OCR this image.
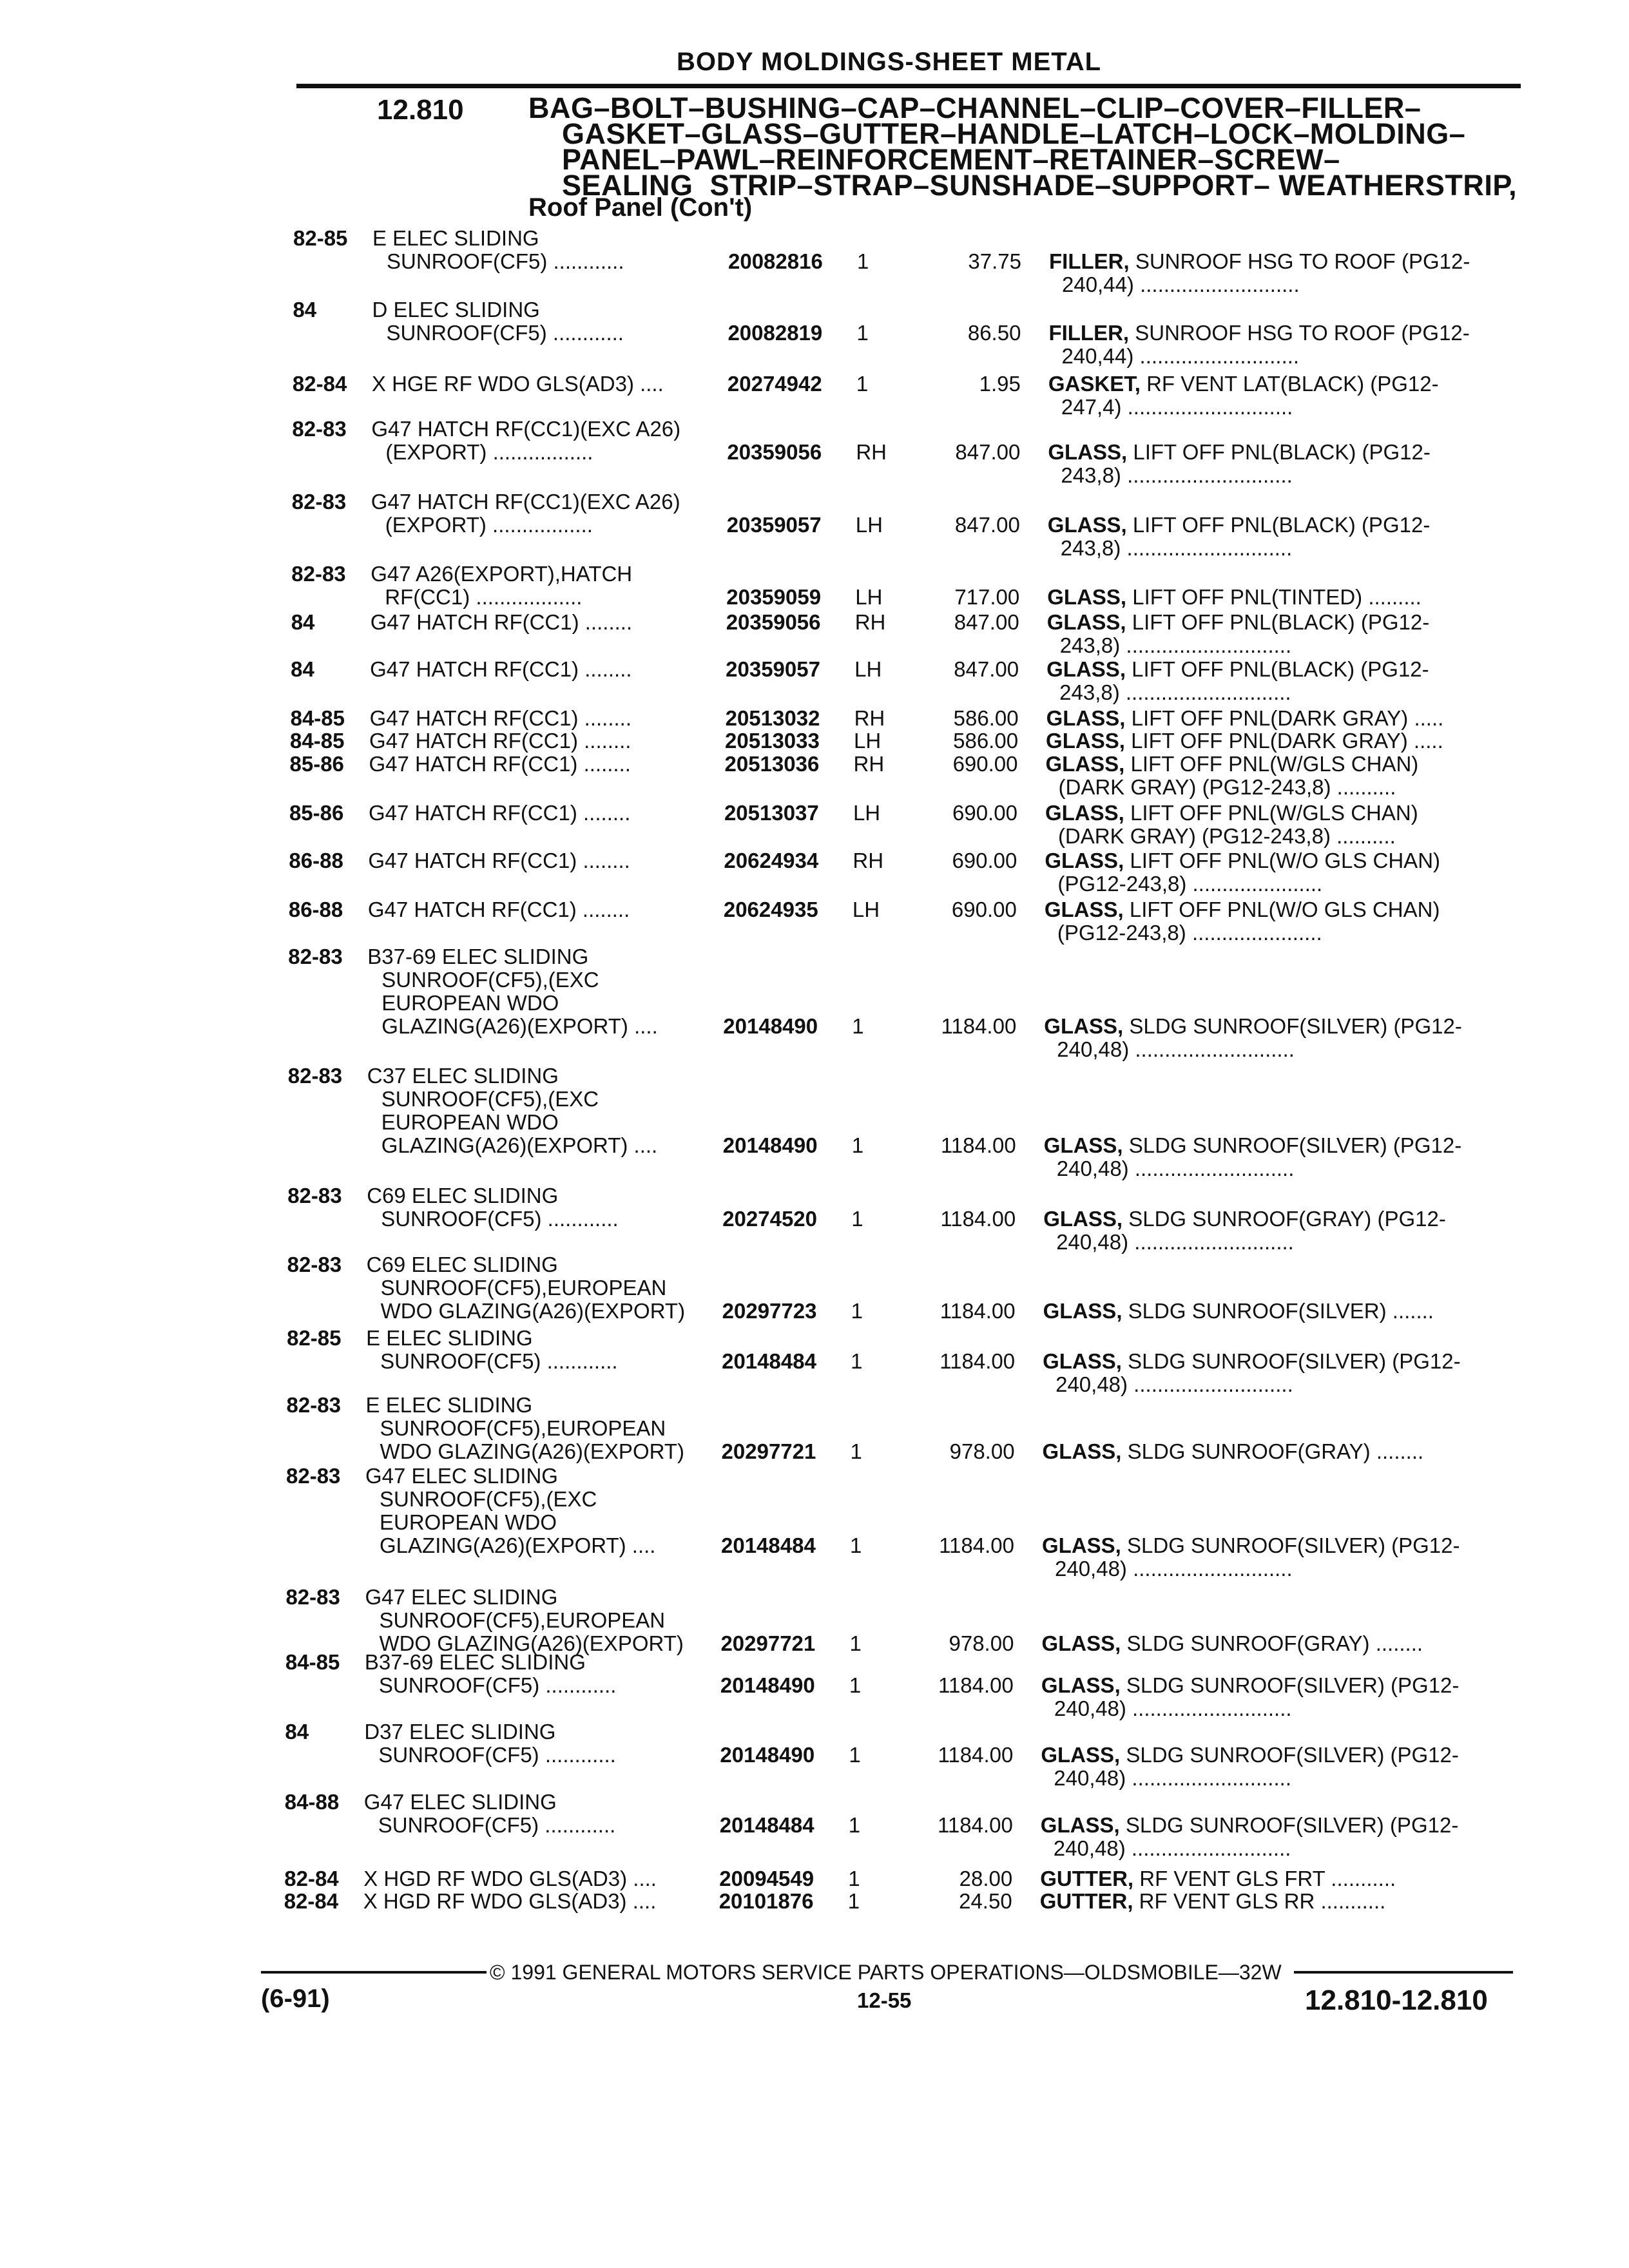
BODY MOLDINGS-SHEET METAL
12.810 BAG–BOLT–BUSHING–CAP–CHANNEL–CLIP–COVER–FILLER–
GASKET–GLASS–GUTTER–HANDLE–LATCH–LOCK–MOLDING–
PANEL–PAWL–REINFORCEMENT–RETAINER–SCREW–
SEALING  STRIP–STRAP–SUNSHADE–SUPPORT– WEATHERSTRIP,
Roof Panel (Con't)
82-85 E ELEC SLIDING
SUNROOF(CF5) ............	20082816 1	37.75 FILLER, SUNROOF HSG TO ROOF (PG12-
240,44) ...........................
84	D ELEC SLIDING
SUNROOF(CF5) ............	20082819 1	86.50 FILLER, SUNROOF HSG TO ROOF (PG12-
240,44) ...........................
82-84 X HGE RF WDO GLS(AD3) ....	20274942 1	1.95 GASKET, RF VENT LAT(BLACK) (PG12-
247,4) ............................
82-83 G47 HATCH RF(CC1)(EXC A26)
(EXPORT) .................	20359056 RH	847.00 GLASS, LIFT OFF PNL(BLACK) (PG12-
243,8) ............................
82-83 G47 HATCH RF(CC1)(EXC A26)
(EXPORT) .................	20359057 LH	847.00 GLASS, LIFT OFF PNL(BLACK) (PG12-
243,8) ............................
82-83 G47 A26(EXPORT),HATCH
RF(CC1) ..................	20359059 LH	717.00 GLASS, LIFT OFF PNL(TINTED) .........
84	G47 HATCH RF(CC1) ........	20359056 RH	847.00 GLASS, LIFT OFF PNL(BLACK) (PG12-
243,8) ............................
84	G47 HATCH RF(CC1) ........	20359057 LH	847.00 GLASS, LIFT OFF PNL(BLACK) (PG12-
243,8) ............................
84-85 G47 HATCH RF(CC1) ........	20513032 RH	586.00 GLASS, LIFT OFF PNL(DARK GRAY) .....
84-85 G47 HATCH RF(CC1) ........	20513033 LH	586.00 GLASS, LIFT OFF PNL(DARK GRAY) .....
85-86 G47 HATCH RF(CC1) ........	20513036 RH	690.00 GLASS, LIFT OFF PNL(W/GLS CHAN)
(DARK GRAY) (PG12-243,8) ..........
85-86 G47 HATCH RF(CC1) ........	20513037 LH	690.00 GLASS, LIFT OFF PNL(W/GLS CHAN)
(DARK GRAY) (PG12-243,8) ..........
86-88 G47 HATCH RF(CC1) ........	20624934 RH	690.00 GLASS, LIFT OFF PNL(W/O GLS CHAN)
(PG12-243,8) ......................
86-88 G47 HATCH RF(CC1) ........	20624935 LH	690.00 GLASS, LIFT OFF PNL(W/O GLS CHAN)
(PG12-243,8) ......................
82-83 B37-69 ELEC SLIDING
SUNROOF(CF5),(EXC
EUROPEAN WDO
GLAZING(A26)(EXPORT) ....	20148490 1	1184.00 GLASS, SLDG SUNROOF(SILVER) (PG12-
240,48) ...........................
82-83 C37 ELEC SLIDING
SUNROOF(CF5),(EXC
EUROPEAN WDO
GLAZING(A26)(EXPORT) ....	20148490 1	1184.00 GLASS, SLDG SUNROOF(SILVER) (PG12-
240,48) ...........................
82-83 C69 ELEC SLIDING
SUNROOF(CF5) ............	20274520 1	1184.00 GLASS, SLDG SUNROOF(GRAY) (PG12-
240,48) ...........................
82-83 C69 ELEC SLIDING
SUNROOF(CF5),EUROPEAN
WDO GLAZING(A26)(EXPORT) 20297723 1	1184.00 GLASS, SLDG SUNROOF(SILVER) .......
82-85 E ELEC SLIDING
SUNROOF(CF5) ............	20148484 1	1184.00 GLASS, SLDG SUNROOF(SILVER) (PG12-
240,48) ...........................
82-83 E ELEC SLIDING
SUNROOF(CF5),EUROPEAN
WDO GLAZING(A26)(EXPORT) 20297721 1	978.00 GLASS, SLDG SUNROOF(GRAY) ........
82-83 G47 ELEC SLIDING
SUNROOF(CF5),(EXC
EUROPEAN WDO
GLAZING(A26)(EXPORT) ....	20148484 1	1184.00 GLASS, SLDG SUNROOF(SILVER) (PG12-
240,48) ...........................
82-83 G47 ELEC SLIDING
SUNROOF(CF5),EUROPEAN
WDO GLAZING(A26)(EXPORT) 20297721 1	978.00 GLASS, SLDG SUNROOF(GRAY) ........
84-85 B37-69 ELEC SLIDING
SUNROOF(CF5) ............	20148490 1	1184.00 GLASS, SLDG SUNROOF(SILVER) (PG12-
240,48) ...........................
84	D37 ELEC SLIDING
SUNROOF(CF5) ............	20148490 1	1184.00 GLASS, SLDG SUNROOF(SILVER) (PG12-
240,48) ...........................
84-88 G47 ELEC SLIDING
SUNROOF(CF5) ............	20148484 1	1184.00 GLASS, SLDG SUNROOF(SILVER) (PG12-
240,48) ...........................
82-84 X HGD RF WDO GLS(AD3) ....	20094549 1	28.00 GUTTER, RF VENT GLS FRT ...........
82-84 X HGD RF WDO GLS(AD3) ....	20101876 1	24.50 GUTTER, RF VENT GLS RR ...........
© 1991 GENERAL MOTORS SERVICE PARTS OPERATIONS—OLDSMOBILE—32W
(6-91)	12-55	12.810-12.810
